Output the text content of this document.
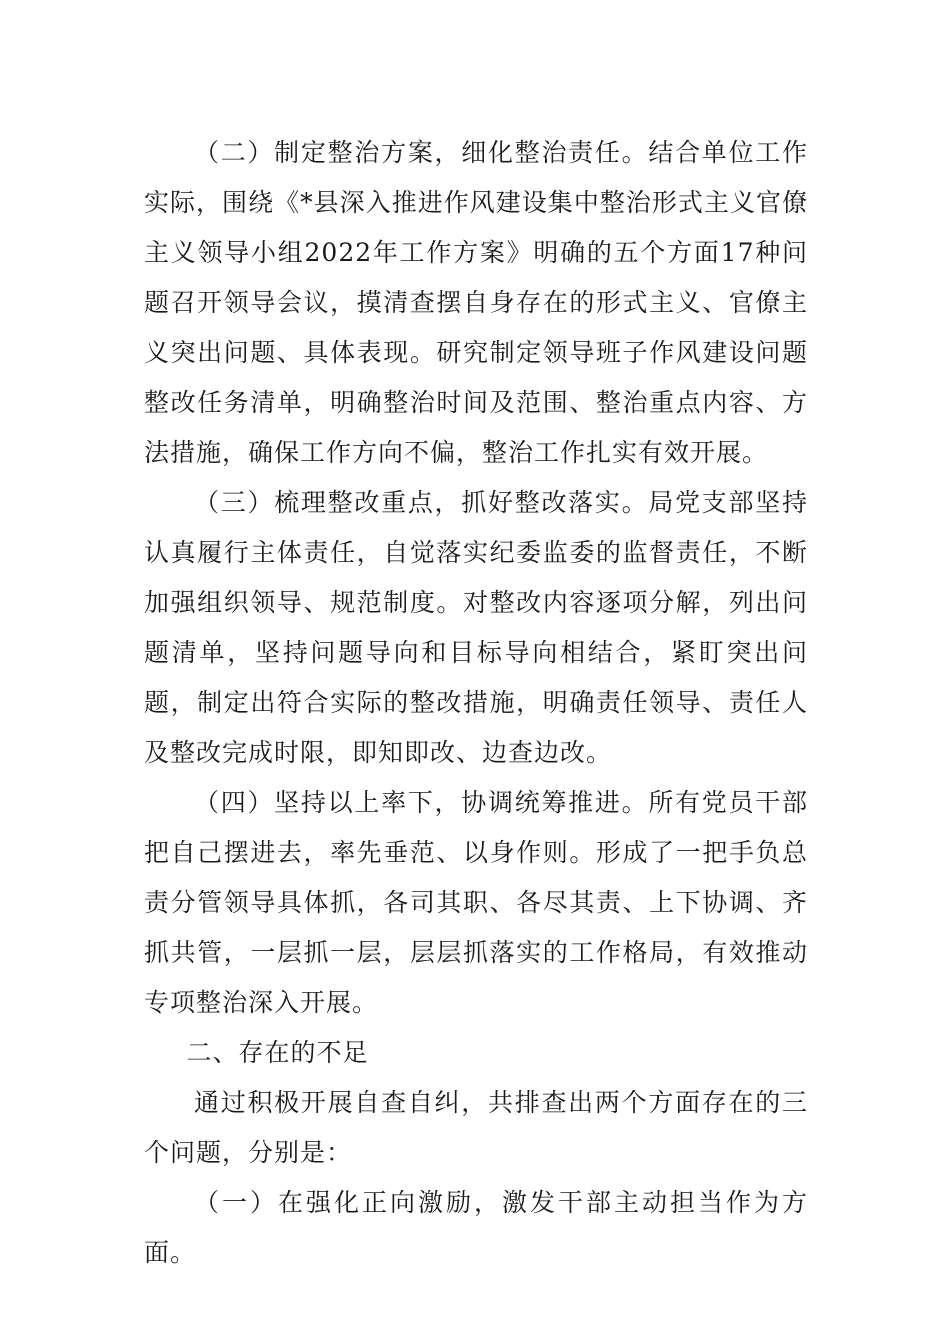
（二）制定整治方案，细化整治责任。结合单位工作实际，围绕《*县深入推进作风建设集中整治形式主义官僚主义领导小组2022年工作方案》明确的五个方面17种问题召开领导会议，摸清查摆自身存在的形式主义、官僚主义突出问题、具体表现。研究制定领导班子作风建设问题整改任务清单，明确整治时间及范围、整治重点内容、方法措施，确保工作方向不偏，整治工作扎实有效开展。

（三）梳理整改重点，抓好整改落实。局党支部坚持认真履行主体责任，自觉落实纪委监委的监督责任，不断加强组织领导、规范制度。对整改内容逐项分解，列出问题清单，坚持问题导向和目标导向相结合，紧盯突出问题，制定出符合实际的整改措施，明确责任领导、责任人及整改完成时限，即知即改、边查边改。

（四）坚持以上率下，协调统筹推进。所有党员干部把自己摆进去，率先垂范、以身作则。形成了一把手负总责分管领导具体抓，各司其职、各尽其责、上下协调、齐抓共管，一层抓一层，层层抓落实的工作格局，有效推动专项整治深入开展。

二、存在的不足

通过积极开展自查自纠，共排查出两个方面存在的三个问题，分别是：

（一）在强化正向激励，激发干部主动担当作为方面。
